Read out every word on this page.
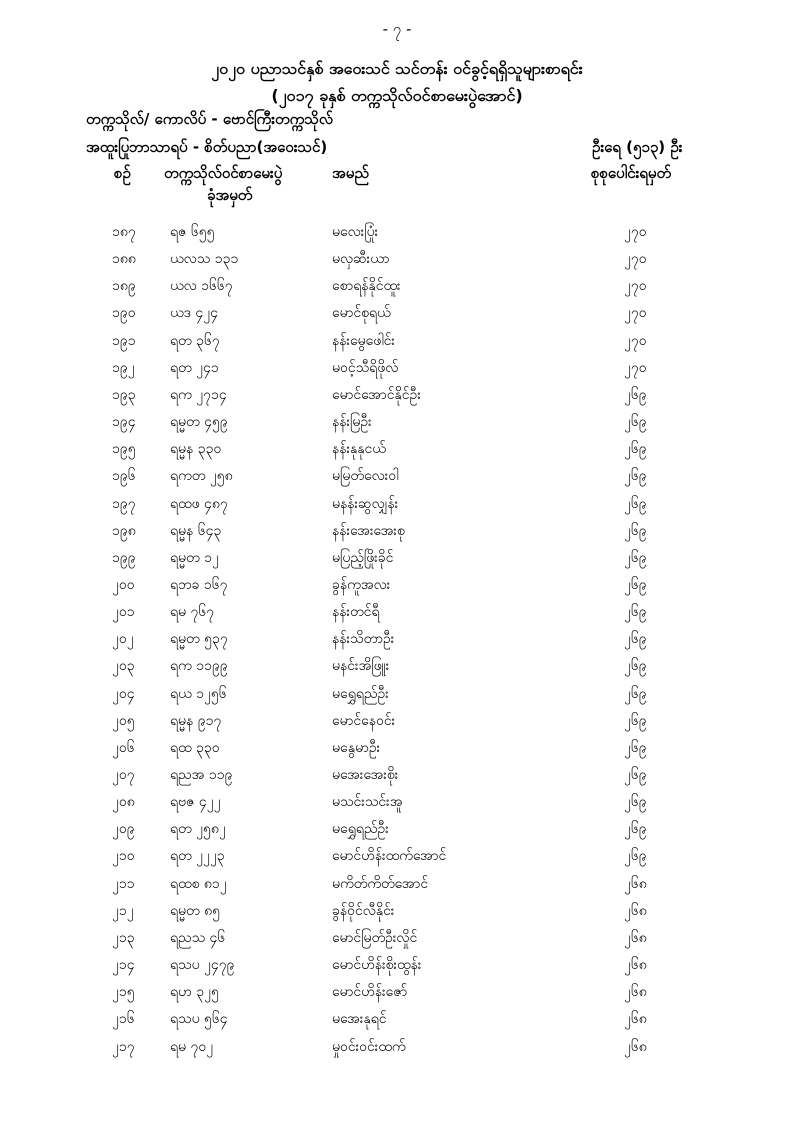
- ၇ -
၂၀၂၀ ပညာသင်နှစ် အဝေးသင် သင်တန်း ဝင်ခွင့်ရရှိသူများစာရင်း
(၂၀၁၇ ခုနှစ် တက္ကသိုလ်ဝင်စာမေးပွဲအောင်)
တက္ကသိုလ်/ ကောလိပ် - ‌ဗောင်ကြီးတက္ကသိုလ်
အထူးပြုဘာသာရပ် - စိတ်ပညာ(အဝေးသင်)	ဦးရေ (၅၁၃) ဦး
စဉ် တက္ကသိုလ်ဝင်စာမေးပွဲ
ခုံအမှတ်
အမည်	စုစုပေါင်းရမှတ်
၁၈၇ ရဇ ၆၅၅	မလေးပြုံး	၂၇၀
၁၈၈ ယလသ ၁၃၁	မလှဆီးယာ	၂၇၀
၁၈၉ ယလ ၁၆၆၇	စောရန်နိုင်ထူး	၂၇၀
၁၉၀ ယဒ ၄၂၄	မောင်စုရယ်	၂၇၀
၁၉၁ ရတ ၃၆၇	နန်းမွေဖေါင်း	၂၇၀
၁၉၂	ရတ ၂၄၁	မဝင့်သီရိဖိုလ်	၂၇၀
၁၉၃ ရက ၂၇၁၄	မောင်အောင်နိုင်ဦး	၂၆၉
၁၉၄ ရမ္မတ ၄၅၉	နန်းမြဦး	၂၆၉
၁၉၅ ရမ္မန ၃၃၀	နန်းနုနုငယ်	၂၆၉
၁၉၆ ရကတ ၂၅၈	မမြတ်လေးဝါ	၂၆၉
၁၉၇ ရထဖ ၄၈၇	မနန်းဆွလျှန်း	၂၆၉
၁၉၈ ရမ္မန ၆၄၃	နန်းအေးအေးစု	၂၆၉
၁၉၉ ရမ္မတ ၁၂	မပြည့်ဖြိုးခိုင်	၂၆၉
၂၀၀	ရဘခ ၁၆၇	ခွန်ကူအလး	၂၆၉
၂၀၁	ရမ ၇၆၇	နန်းတင်ရီ	၂၆၉
၂၀၂	ရမ္မတ ၅၃၇	နန်းသိတာဦး	၂၆၉
၂၀၃	ရက ၁၁၉၉	မနင်းအိဖြူး	၂၆၉
၂၀၄	ရယ ၁၂၅၆	မရွှေရည်ဦး	၂၆၉
၂၀၅	ရမ္မန ၉၁၇	မောင်နေဝင်း	၂၆၉
၂၀၆	ရထ ၃၃၀	မနွေမာဦး	၂၆၉
၂၀၇	ရညအ ၁၁၉	မအေးအေးစိုး	၂၆၉
၂၀၈	ရဗဇ ၄၂၂	မသင်းသင်းအူ	၂၆၉
၂၀၉	ရတ ၂၅၈၂	မရွှေရည်ဦး	၂၆၉
၂၁၀	ရတ ၂၂၂၃	မောင်ဟိန်းထက်အောင်	၂၆၉
၂၁၁	ရထစ ၈၁၂	မကိတ်ကိတ်အောင်	၂၆၈
၂၁၂	ရမ္မတ ၈၅	ခွန်ဝိုင်လီနိုင်း	၂၆၈
၂၁၃	ရညသ ၄၆	မောင်မြတ်ဦးလှိုင်	၂၆၈
၂၁၄	ရသပ ၂၄၇၉	မောင်ဟိန်းစိုးထွန်း	၂၆၈
၂၁၅	ရဟ ၃၂၅	မောင်ဟိန်းဇော်	၂၆၈
၂၁၆	ရသပ ၅၆၄	မအေးနုရင်	၂၆၈
၂၁၇	ရမ ၇၀၂	မှုဝင်းဝင်းထက်	၂၆၈
